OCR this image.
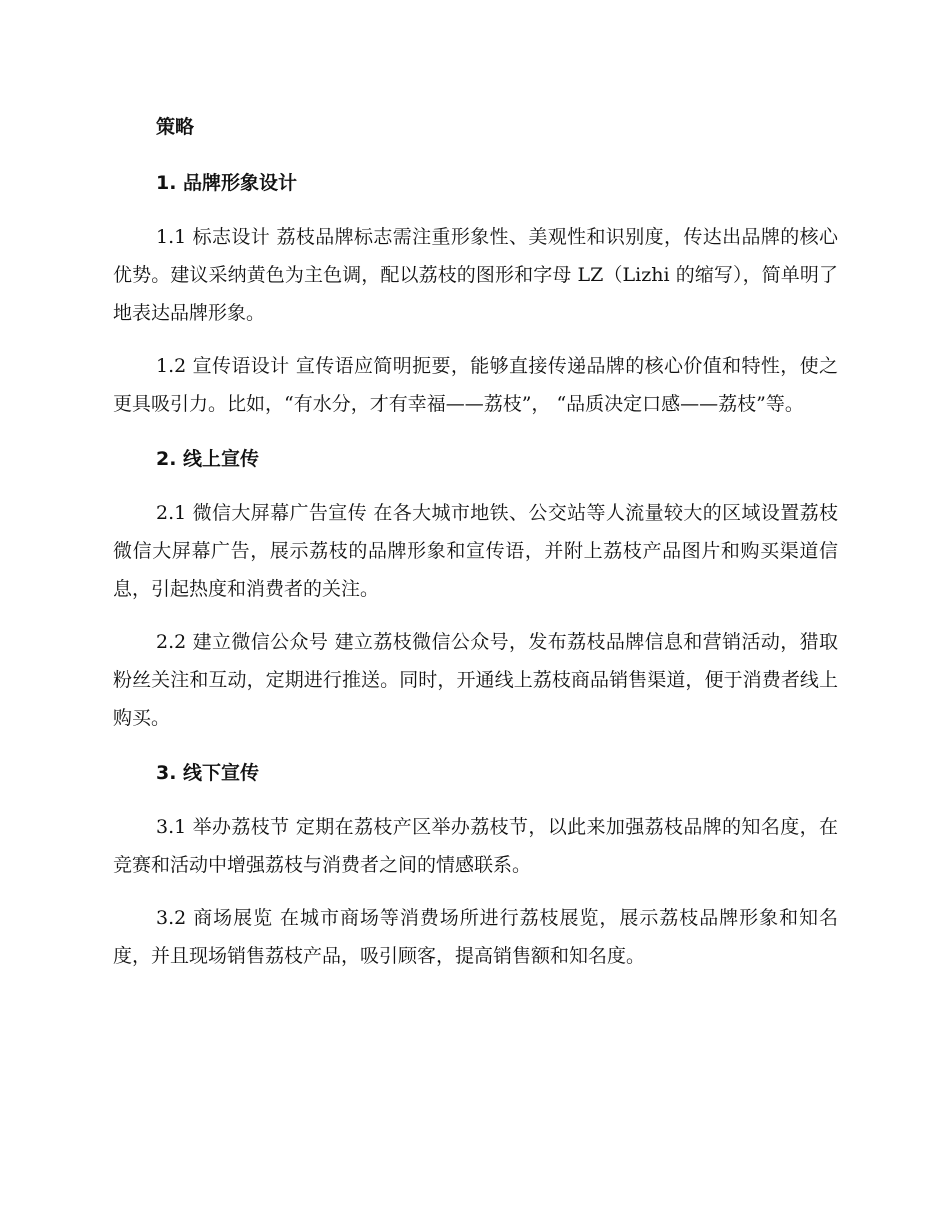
策略
1. 品牌形象设计

1.1 标志设计 荔枝品牌标志需注重形象性、美观性和识别度，传达出品牌的核心优势。建议采纳黄色为主色调，配以荔枝的图形和字母 LZ（Lizhi 的缩写），简单明了地表达品牌形象。

1.2 宣传语设计 宣传语应简明扼要，能够直接传递品牌的核心价值和特性，使之更具吸引力。比如，“有水分，才有幸福——荔枝”， “品质决定口感——荔枝”等。

2. 线上宣传

2.1 微信大屏幕广告宣传 在各大城市地铁、公交站等人流量较大的区域设置荔枝微信大屏幕广告，展示荔枝的品牌形象和宣传语，并附上荔枝产品图片和购买渠道信息，引起热度和消费者的关注。

2.2 建立微信公众号 建立荔枝微信公众号，发布荔枝品牌信息和营销活动，猎取粉丝关注和互动，定期进行推送。同时，开通线上荔枝商品销售渠道，便于消费者线上购买。

3. 线下宣传

3.1 举办荔枝节 定期在荔枝产区举办荔枝节，以此来加强荔枝品牌的知名度，在竞赛和活动中增强荔枝与消费者之间的情感联系。

3.2 商场展览 在城市商场等消费场所进行荔枝展览，展示荔枝品牌形象和知名度，并且现场销售荔枝产品，吸引顾客，提高销售额和知名度。
